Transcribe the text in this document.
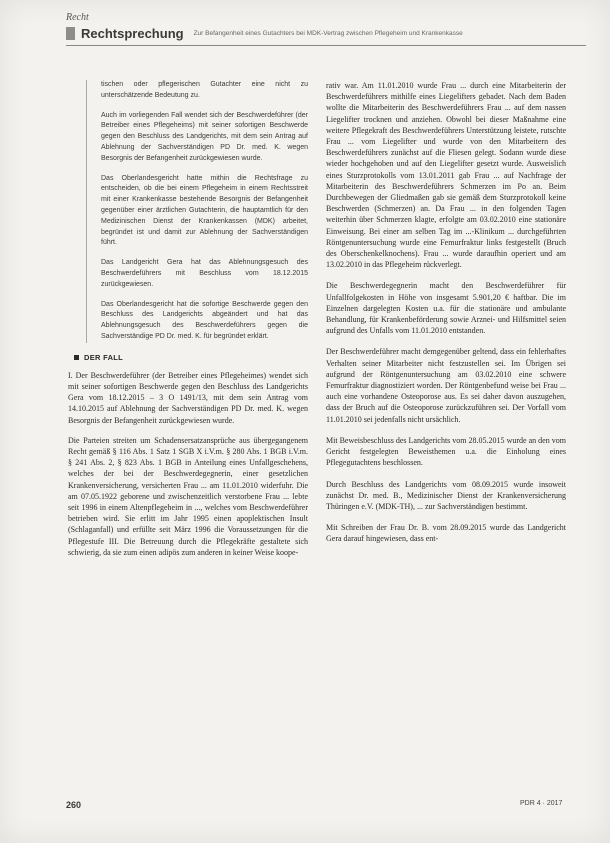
Recht
Rechtsprechung Zur Befangenheit eines Gutachters bei MDK-Vertrag zwischen Pflegeheim und Krankenkasse

tischen oder pflegerischen Gutachter eine nicht zu unterschätzende Bedeutung zu.

Auch im vorliegenden Fall wendet sich der Beschwerdeführer (der Betreiber eines Pflegeheims) mit seiner sofortigen Beschwerde gegen den Beschluss des Landgerichts, mit dem sein Antrag auf Ablehnung der Sachverständigen PD Dr. med. K. wegen Besorgnis der Befangenheit zurückgewiesen wurde.

Das Oberlandesgericht hatte mithin die Rechtsfrage zu entscheiden, ob die bei einem Pflegeheim in einem Rechtsstreit mit einer Krankenkasse bestehende Besorgnis der Befangenheit gegenüber einer ärztlichen Gutachterin, die hauptamtlich für den Medizinischen Dienst der Krankenkassen (MDK) arbeitet, begründet ist und damit zur Ablehnung der Sachverständigen führt.

Das Landgericht Gera hat das Ablehnungsgesuch des Beschwerdeführers mit Beschluss vom 18.12.2015 zurückgewiesen.

Das Oberlandesgericht hat die sofortige Beschwerde gegen den Beschluss des Landgerichts abgeändert und hat das Ablehnungsgesuch des Beschwerdeführers gegen die Sachverständige PD Dr. med. K. für begründet erklärt.

DER FALL

I. Der Beschwerdeführer (der Betreiber eines Pflegeheimes) wendet sich mit seiner sofortigen Beschwerde gegen den Beschluss des Landgerichts Gera vom 18.12.2015 – 3 O 1491/13, mit dem sein Antrag vom 14.10.2015 auf Ablehnung der Sachverständigen PD Dr. med. K. wegen Besorgnis der Befangenheit zurückgewiesen wurde.

Die Parteien streiten um Schadensersatzansprüche aus übergegangenem Recht gemäß § 116 Abs. 1 Satz 1 SGB X i.V.m. § 280 Abs. 1 BGB i.V.m. § 241 Abs. 2, § 823 Abs. 1 BGB in Anteilung eines Unfallgeschehens, welches der bei der Beschwerdegegnerin, einer gesetzlichen Krankenversicherung, versicherten Frau ... am 11.01.2010 widerfuhr. Die am 07.05.1922 geborene und zwischenzeitlich verstorbene Frau ... lebte seit 1996 in einem Altenpflegeheim in ..., welches vom Beschwerdeführer betrieben wird. Sie erlitt im Jahr 1995 einen apoplektischen Insult (Schlaganfall) und erfülltе seit März 1996 die Voraussetzungen für die Pflegestufe III. Die Betreuung durch die Pflegekräfte gestaltete sich schwierig, da sie zum einen adipös zum anderen in keiner Weise koope-

rativ war. Am 11.01.2010 wurde Frau ... durch eine Mitarbeiterin der Beschwerdeführers mithilfe eines Liegelifters gebadet. Nach dem Baden wollte die Mitarbeiterin des Beschwerdeführers Frau ... auf dem nassen Liegelifter trocknen und anziehen. Obwohl bei dieser Maßnahme eine weitere Pflegekraft des Beschwerdeführers Unterstützung leistete, rutschte Frau ... vom Liegelifter und wurde von den Mitarbeitern des Beschwerdeführers zunächst auf die Fliesen gelegt. Sodann wurde diese wieder hochgehoben und auf den Liegelifter gesetzt wurde. Ausweislich eines Sturzprotokolls vom 13.01.2011 gab Frau ... auf Nachfrage der Mitarbeiterin des Beschwerdeführers Schmerzen im Po an. Beim Durchbewegen der Gliedmaßen gab sie gemäß dem Sturzprotokoll keine Beschwerden (Schmerzen) an. Da Frau ... in den folgenden Tagen weiterhin über Schmerzen klagte, erfolgte am 03.02.2010 eine stationäre Einweisung. Bei einer am selben Tag im ...-Klinikum ... durchgeführten Röntgenuntersuchung wurde eine Femurfraktur links festgestellt (Bruch des Oberschenkelknochens). Frau ... wurde daraufhin operiert und am 13.02.2010 in das Pflegeheim rückverlegt.

Die Beschwerdegegnerin macht den Beschwerdeführer für Unfallfolgekosten in Höhe von insgesamt 5.901,20 € haftbar. Die im Einzelnen dargelegten Kosten u.a. für die stationäre und ambulante Behandlung, für Krankenbeförderung sowie Arznei- und Hilfsmittel seien aufgrund des Unfalls vom 11.01.2010 entstanden.

Der Beschwerdeführer macht demgegenüber geltend, dass ein fehlerhaftes Verhalten seiner Mitarbeiter nicht festzustellen sei. Im Übrigen sei aufgrund der Röntgenuntersuchung am 03.02.2010 eine schwere Femurfraktur diagnostiziert worden. Der Röntgenbefund weise bei Frau ... auch eine vorhandene Osteoporose aus. Es sei daher davon auszugehen, dass der Bruch auf die Osteoporose zurückzuführen sei. Der Vorfall vom 11.01.2010 sei jedenfalls nicht ursächlich.

Mit Beweisbeschluss des Landgerichts vom 28.05.2015 wurde an den vom Gericht festgelegten Beweisthemen u.a. die Einholung eines Pflegegutachtens beschlossen.

Durch Beschluss des Landgerichts vom 08.09.2015 wurde insoweit zunächst Dr. med. B., Medizinischer Dienst der Krankenversicherung Thüringen e.V. (MDK-TH), ... zur Sachverständigen bestimmt.

Mit Schreiben der Frau Dr. B. vom 28.09.2015 wurde das Landgericht Gera darauf hingewiesen, dass ent-

260	PDR 4 · 2017
